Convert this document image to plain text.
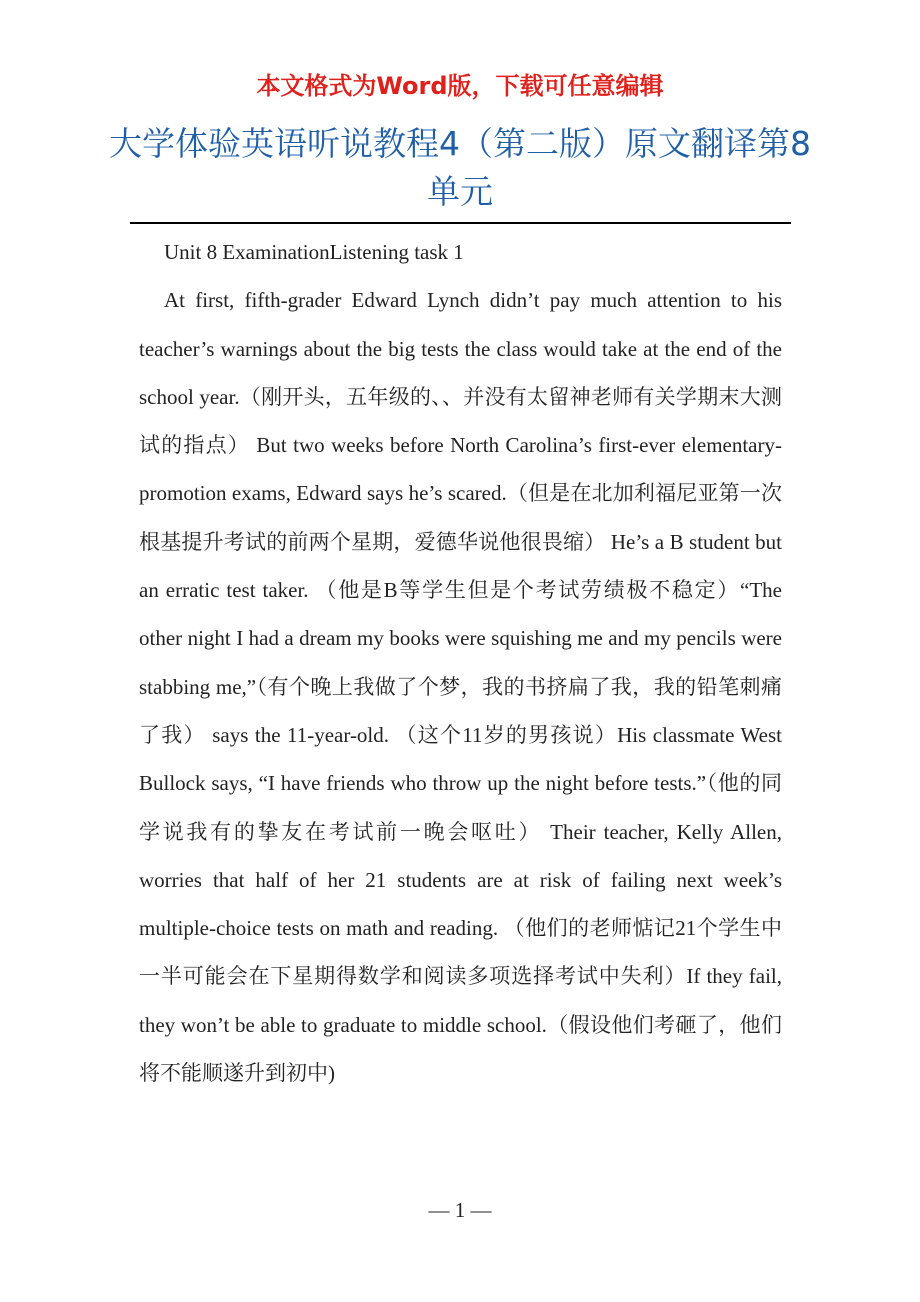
本文格式为Word版，下载可任意编辑
大学体验英语听说教程4（第二版）原文翻译第8单元

Unit 8 ExaminationListening task 1

At first, fifth-grader Edward Lynch didn’t pay much attention to his teacher’s warnings about the big tests the class would take at the end of the school year.（刚开头，五年级的、、并没有太留神老师有关学期末大测试的指点） But two weeks before North Carolina’s first-ever elementary-promotion exams, Edward says he’s scared.（但是在北加利福尼亚第一次根基提升考试的前两个星期，爱德华说他很畏缩） He’s a B student but an erratic test taker. （他是B等学生但是个考试劳绩极不稳定）“The other night I had a dream my books were squishing me and my pencils were stabbing me,”（有个晚上我做了个梦，我的书挤扁了我，我的铅笔刺痛了我） says the 11-year-old. （这个11岁的男孩说）His classmate West Bullock says, “I have friends who throw up the night before tests.”（他的同学说我有的挚友在考试前一晚会呕吐） Their teacher, Kelly Allen, worries that half of her 21 students are at risk of failing next week’s multiple-choice tests on math and reading. （他们的老师惦记21个学生中一半可能会在下星期得数学和阅读多项选择考试中失利）If they fail, they won’t be able to graduate to middle school.（假设他们考砸了，他们将不能顺遂升到初中)

— 1 —
